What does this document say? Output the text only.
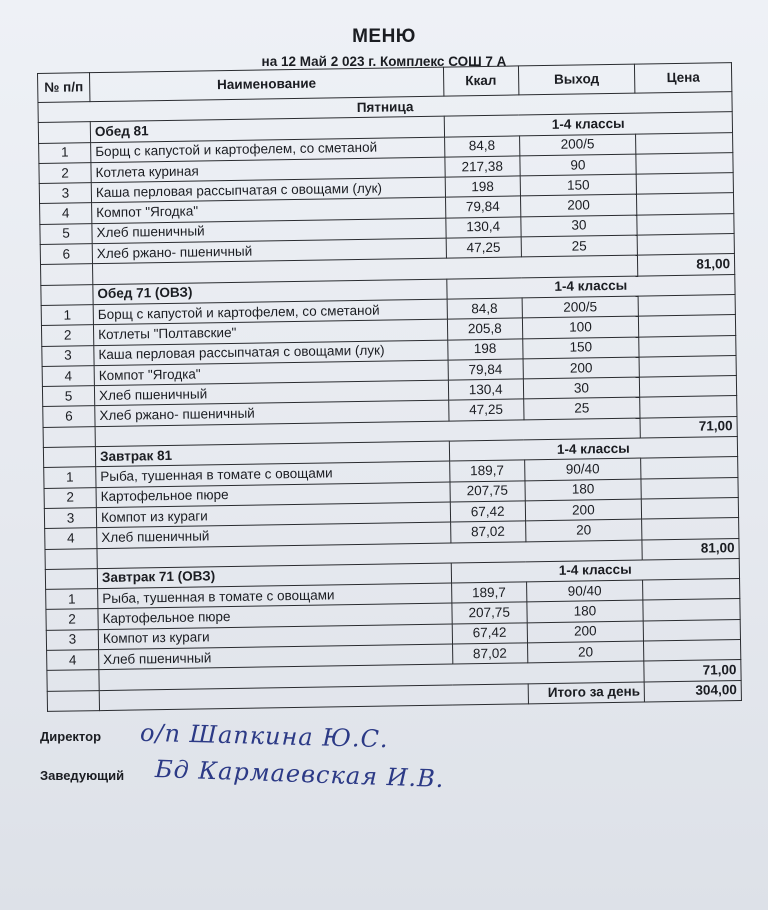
МЕНЮ
на 12 Май 2 023 г. Комплекс СОШ 7 А
№ п/п	Наименование	Ккал	Выход	Цена
Пятница				
	Обед 81	1-4 классы		
1	Борщ с капустой и картофелем, со сметаной	84,8	200/5	
2	Котлета куриная	217,38	90	
3	Каша перловая рассыпчатая с овощами (лук)	198	150	
4	Компот "Ягодка"	79,84	200	
5	Хлеб пшеничный	130,4	30	
6	Хлеб ржано- пшеничный	47,25	25	
				81,00
	Обед 71 (ОВЗ)	1-4 классы		
1	Борщ с капустой и картофелем, со сметаной	84,8	200/5	
2	Котлеты "Полтавские"	205,8	100	
3	Каша перловая рассыпчатая с овощами (лук)	198	150	
4	Компот "Ягодка"	79,84	200	
5	Хлеб пшеничный	130,4	30	
6	Хлеб ржано- пшеничный	47,25	25	
				71,00
	Завтрак 81	1-4 классы		
1	Рыба, тушенная в томате с овощами	189,7	90/40	
2	Картофельное пюре	207,75	180	
3	Компот из кураги	67,42	200	
4	Хлеб пшеничный	87,02	20	
				81,00
	Завтрак 71 (ОВЗ)	1-4 классы		
1	Рыба, тушенная в томате с овощами	189,7	90/40	
2	Картофельное пюре	207,75	180	
3	Компот из кураги	67,42	200	
4	Хлеб пшеничный	87,02	20	
				71,00
			Итого за день	304,00
Директор о/п Шапкина Ю.С.
Заведующий Бд Кармаевская И.В.
